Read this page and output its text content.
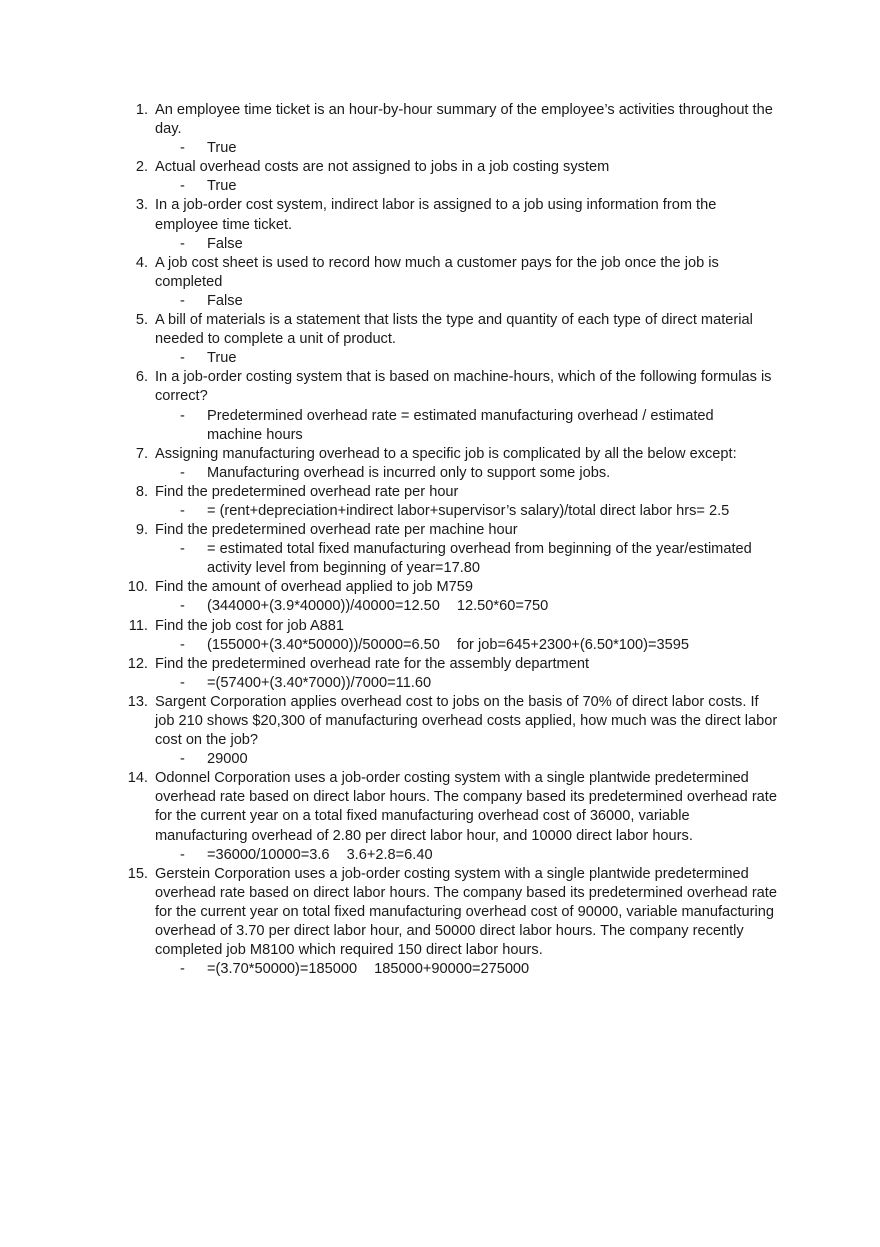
1. An employee time ticket is an hour-by-hour summary of the employee’s activities throughout the day.
- True
2. Actual overhead costs are not assigned to jobs in a job costing system
- True
3. In a job-order cost system, indirect labor is assigned to a job using information from the employee time ticket.
- False
4. A job cost sheet is used to record how much a customer pays for the job once the job is completed
- False
5. A bill of materials is a statement that lists the type and quantity of each type of direct material needed to complete a unit of product.
- True
6. In a job-order costing system that is based on machine-hours, which of the following formulas is correct?
- Predetermined overhead rate = estimated manufacturing overhead / estimated machine hours
7. Assigning manufacturing overhead to a specific job is complicated by all the below except:
- Manufacturing overhead is incurred only to support some jobs.
8. Find the predetermined overhead rate per hour
- = (rent+depreciation+indirect labor+supervisor’s salary)/total direct labor hrs= 2.5
9. Find the predetermined overhead rate per machine hour
- = estimated total fixed manufacturing overhead from beginning of the year/estimated activity level from beginning of year=17.80
10. Find the amount of overhead applied to job M759
- (344000+(3.9*40000))/40000=12.50 12.50*60=750
11. Find the job cost for job A881
- (155000+(3.40*50000))/50000=6.50 for job=645+2300+(6.50*100)=3595
12. Find the predetermined overhead rate for the assembly department
- =(57400+(3.40*7000))/7000=11.60
13. Sargent Corporation applies overhead cost to jobs on the basis of 70% of direct labor costs. If job 210 shows $20,300 of manufacturing overhead costs applied, how much was the direct labor cost on the job?
- 29000
14. Odonnel Corporation uses a job-order costing system with a single plantwide predetermined overhead rate based on direct labor hours. The company based its predetermined overhead rate for the current year on a total fixed manufacturing overhead cost of 36000, variable manufacturing overhead of 2.80 per direct labor hour, and 10000 direct labor hours.
- =36000/10000=3.6 3.6+2.8=6.40
15. Gerstein Corporation uses a job-order costing system with a single plantwide predetermined overhead rate based on direct labor hours. The company based its predetermined overhead rate for the current year on total fixed manufacturing overhead cost of 90000, variable manufacturing overhead of 3.70 per direct labor hour, and 50000 direct labor hours. The company recently completed job M8100 which required 150 direct labor hours.
- =(3.70*50000)=185000 185000+90000=275000
